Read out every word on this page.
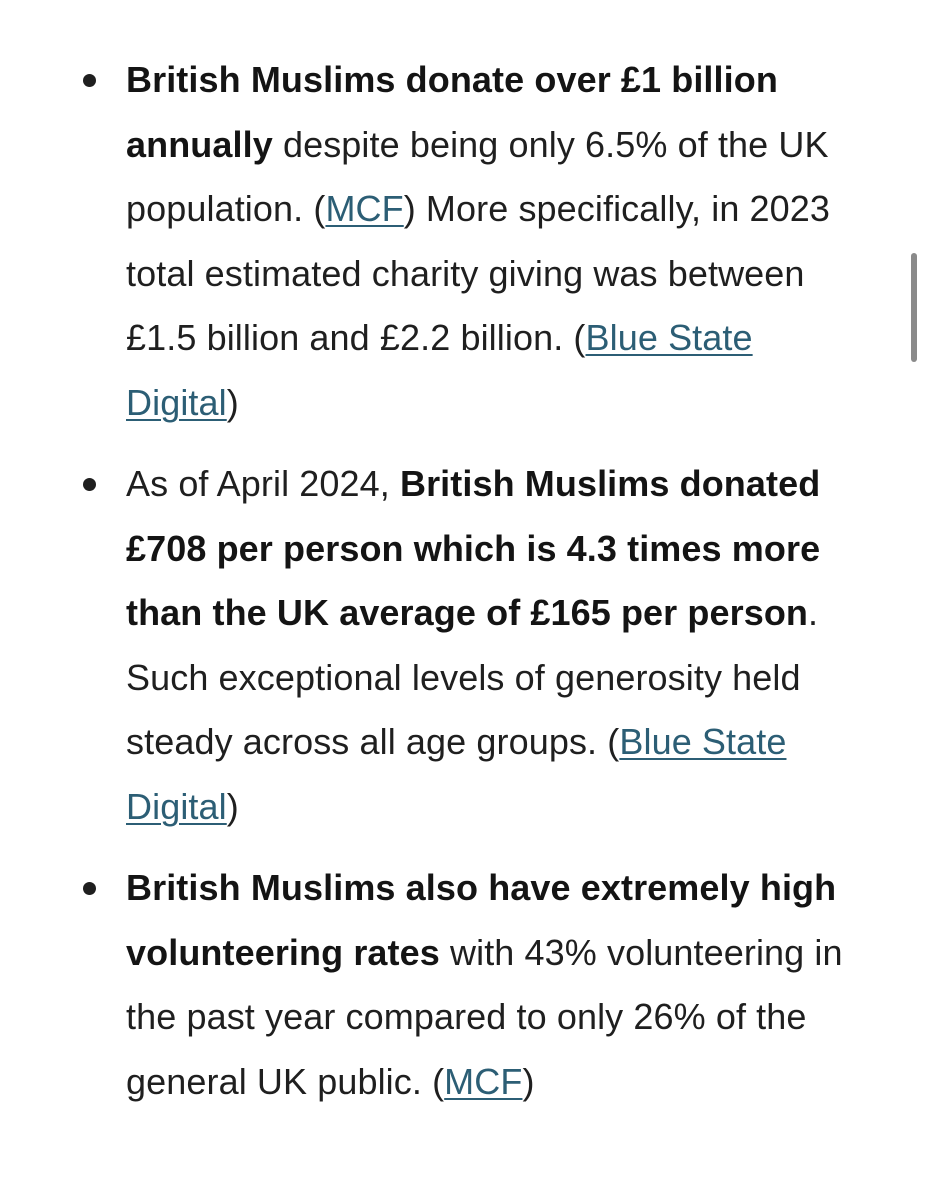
British Muslims donate over £1 billion annually despite being only 6.5% of the UK population. (MCF) More specifically, in 2023 total estimated charity giving was between £1.5 billion and £2.2 billion. (Blue State Digital)
As of April 2024, British Muslims donated £708 per person which is 4.3 times more than the UK average of £165 per person. Such exceptional levels of generosity held steady across all age groups. (Blue State Digital)
British Muslims also have extremely high volunteering rates with 43% volunteering in the past year compared to only 26% of the general UK public. (MCF)
